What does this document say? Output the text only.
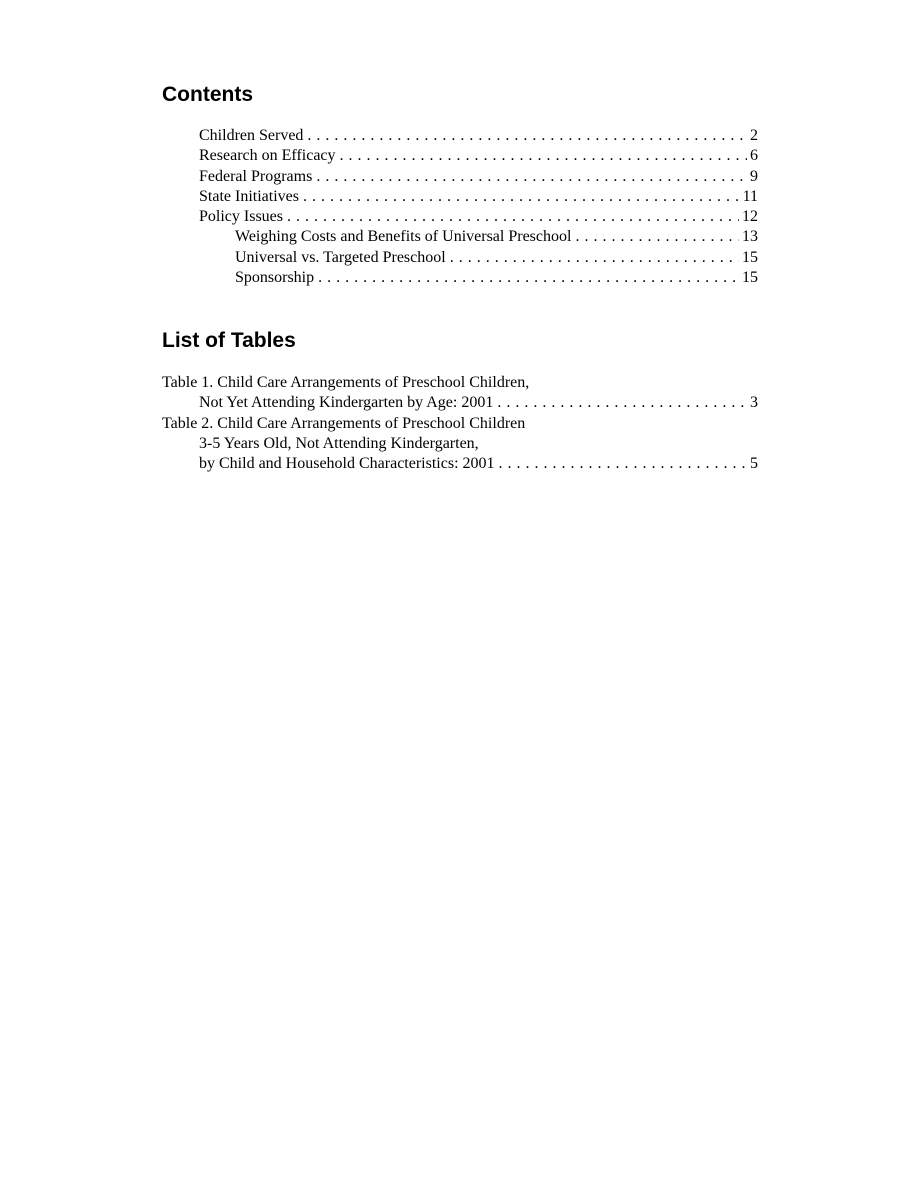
Contents
Children Served . . .	2
Research on Efficacy . . .	6
Federal Programs . . .	9
State Initiatives . . .	11
Policy Issues . . .	12
Weighing Costs and Benefits of Universal Preschool . . .	13
Universal vs. Targeted Preschool . . .	15
Sponsorship . . .	15
List of Tables
Table 1. Child Care Arrangements of Preschool Children,
Not Yet Attending Kindergarten by Age: 2001 . . .	3
Table 2. Child Care Arrangements of Preschool Children
3-5 Years Old, Not Attending Kindergarten,
by Child and Household Characteristics: 2001 . . .	5
